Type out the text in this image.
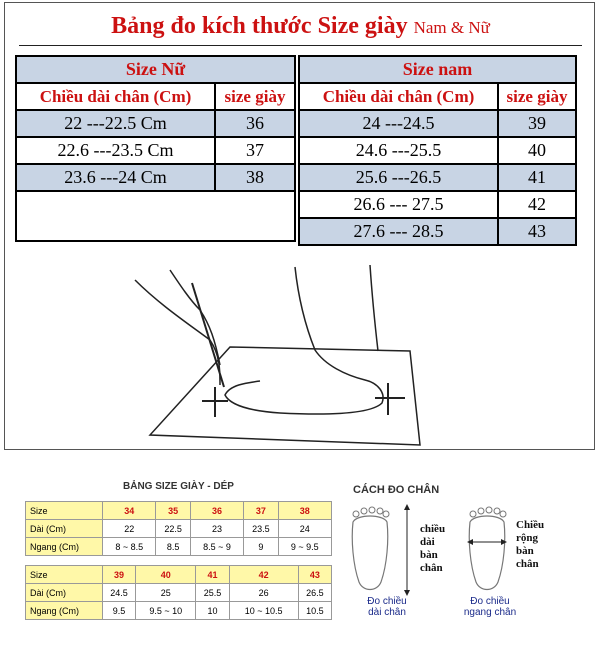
Bảng đo kích thước Size giày Nam & Nữ
Size Nữ	
Chiều dài chân (Cm)	size giày
22 ---22.5 Cm	36
22.6 ---23.5 Cm	37
23.6 ---24 Cm	38
Size nam	
Chiều dài chân (Cm)	size giày
24 ---24.5	39
24.6 ---25.5	40
25.6 ---26.5	41
26.6 --- 27.5	42
27.6 --- 28.5	43
BẢNG SIZE GIÀY - DÉP
Size	34	35	36	37	38
Dài (Cm)	22	22.5	23	23.5	24
Ngang (Cm)	8 ~ 8.5	8.5	8.5 ~ 9	9	9 ~ 9.5
Size	39	40	41	42	43
Dài (Cm)	24.5	25	25.5	26	26.5
Ngang (Cm)	9.5	9.5 ~ 10	10	10 ~ 10.5	10.5
CÁCH ĐO CHÂN
chiều
dài
bàn
chân
Chiều
rộng
bàn
chân
Đo chiều
dài chân
Đo chiều
ngang chân
